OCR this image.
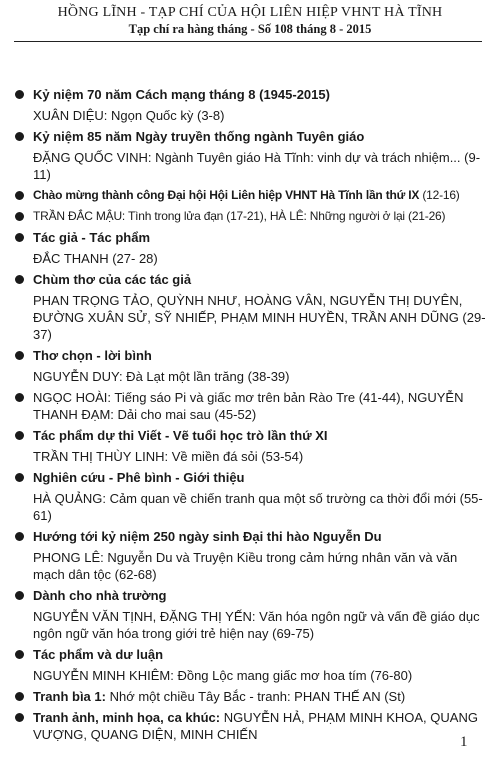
HỒNG LĨNH - TẠP CHÍ CỦA HỘI LIÊN HIỆP VHNT HÀ TĨNH
Tạp chí ra hàng tháng - Số 108 tháng 8 - 2015
Kỷ niệm 70 năm Cách mạng tháng 8 (1945-2015)
XUÂN DIỆU: Ngọn Quốc kỳ (3-8)
Kỷ niệm 85 năm Ngày truyền thống ngành Tuyên giáo
ĐẶNG QUỐC VINH: Ngành Tuyên giáo Hà Tĩnh: vinh dự và trách nhiệm... (9-11)
Chào mừng thành công Đại hội Hội Liên hiệp VHNT Hà Tĩnh lần thứ IX (12-16)
TRẦN ĐẮC MẬU: Tình trong lửa đạn (17-21), HÀ LÊ: Những người ở lại (21-26)
Tác giả - Tác phẩm
ĐẮC THANH (27- 28)
Chùm thơ của các tác giả
PHAN TRỌNG TẢO, QUỲNH NHƯ, HOÀNG VÂN, NGUYỄN THỊ DUYÊN, ĐƯỜNG XUÂN SỬ, SỸ NHIẾP, PHẠM MINH HUYỀN, TRẦN ANH DŨNG (29-37)
Thơ chọn - lời bình
NGUYỄN DUY: Đà Lạt một lần trăng (38-39)
NGỌC HOÀI: Tiếng sáo Pi và giấc mơ trên bản Rào Tre (41-44), NGUYỄN THANH ĐẠM: Dải cho mai sau (45-52)
Tác phẩm dự thi Viết - Vẽ tuổi học trò lần thứ XI
TRẦN THỊ THÙY LINH: Về miền đá sỏi (53-54)
Nghiên cứu - Phê bình - Giới thiệu
HÀ QUẢNG: Cảm quan về chiến tranh qua một số trường ca thời đổi mới (55-61)
Hướng tới kỷ niệm 250 ngày sinh Đại thi hào Nguyễn Du
PHONG LÊ: Nguyễn Du và Truyện Kiều trong cảm hứng nhân văn và văn mạch dân tộc (62-68)
Dành cho nhà trường
NGUYỄN VĂN TỊNH, ĐẶNG THỊ YẾN: Văn hóa ngôn ngữ và vấn đề giáo dục ngôn ngữ văn hóa trong giới trẻ hiện nay (69-75)
Tác phẩm và dư luận
NGUYỄN MINH KHIÊM: Đồng Lộc mang giấc mơ hoa tím (76-80)
Tranh bìa 1: Nhớ một chiều Tây Bắc - tranh: PHAN THẾ AN (St)
Tranh ảnh, minh họa, ca khúc: NGUYỄN HẢ, PHẠM MINH KHOA, QUANG VƯỢNG, QUANG DIỆN, MINH CHIẾN	1
